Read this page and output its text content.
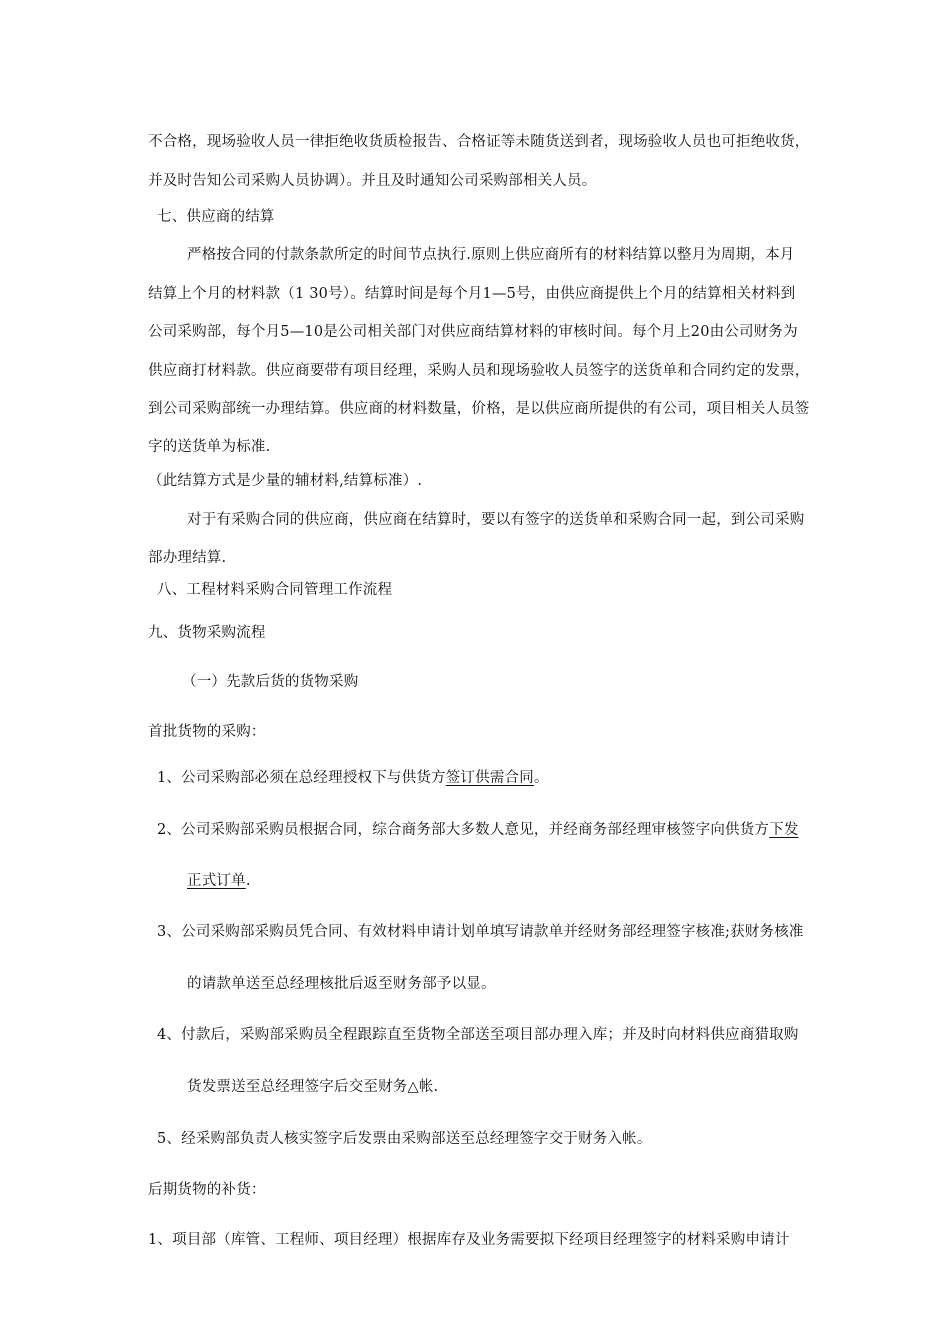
不合格，现场验收人员一律拒绝收货质检报告、合格证等未随货送到者，现场验收人员也可拒绝收货，
并及时告知公司采购人员协调）。并且及时通知公司采购部相关人员。
七、供应商的结算
严格按合同的付款条款所定的时间节点执行.原则上供应商所有的材料结算以整月为周期，本月
结算上个月的材料款（1 30号）。结算时间是每个月1—5号，由供应商提供上个月的结算相关材料到
公司采购部，每个月5—10是公司相关部门对供应商结算材料的审核时间。每个月上20由公司财务为
供应商打材料款。供应商要带有项目经理，采购人员和现场验收人员签字的送货单和合同约定的发票，
到公司采购部统一办理结算。供应商的材料数量，价格，是以供应商所提供的有公司，项目相关人员签
字的送货单为标准.
（此结算方式是少量的辅材料,结算标准）.
对于有采购合同的供应商，供应商在结算时，要以有签字的送货单和采购合同一起，到公司采购
部办理结算.
八、工程材料采购合同管理工作流程
九、货物采购流程
（一）先款后货的货物采购
首批货物的采购：
1、公司采购部必须在总经理授权下与供货方签订供需合同。
2、公司采购部采购员根据合同，综合商务部大多数人意见，并经商务部经理审核签字向供货方下发
正式订单.
3、公司采购部采购员凭合同、有效材料申请计划单填写请款单并经财务部经理签字核准;获财务核准
的请款单送至总经理核批后返至财务部予以显。
4、付款后，采购部采购员全程跟踪直至货物全部送至项目部办理入库；并及时向材料供应商猎取购
货发票送至总经理签字后交至财务△帐.
5、经采购部负责人核实签字后发票由采购部送至总经理签字交于财务入帐。
后期货物的补货：
1、项目部（库管、工程师、项目经理）根据库存及业务需要拟下经项目经理签字的材料采购申请计
